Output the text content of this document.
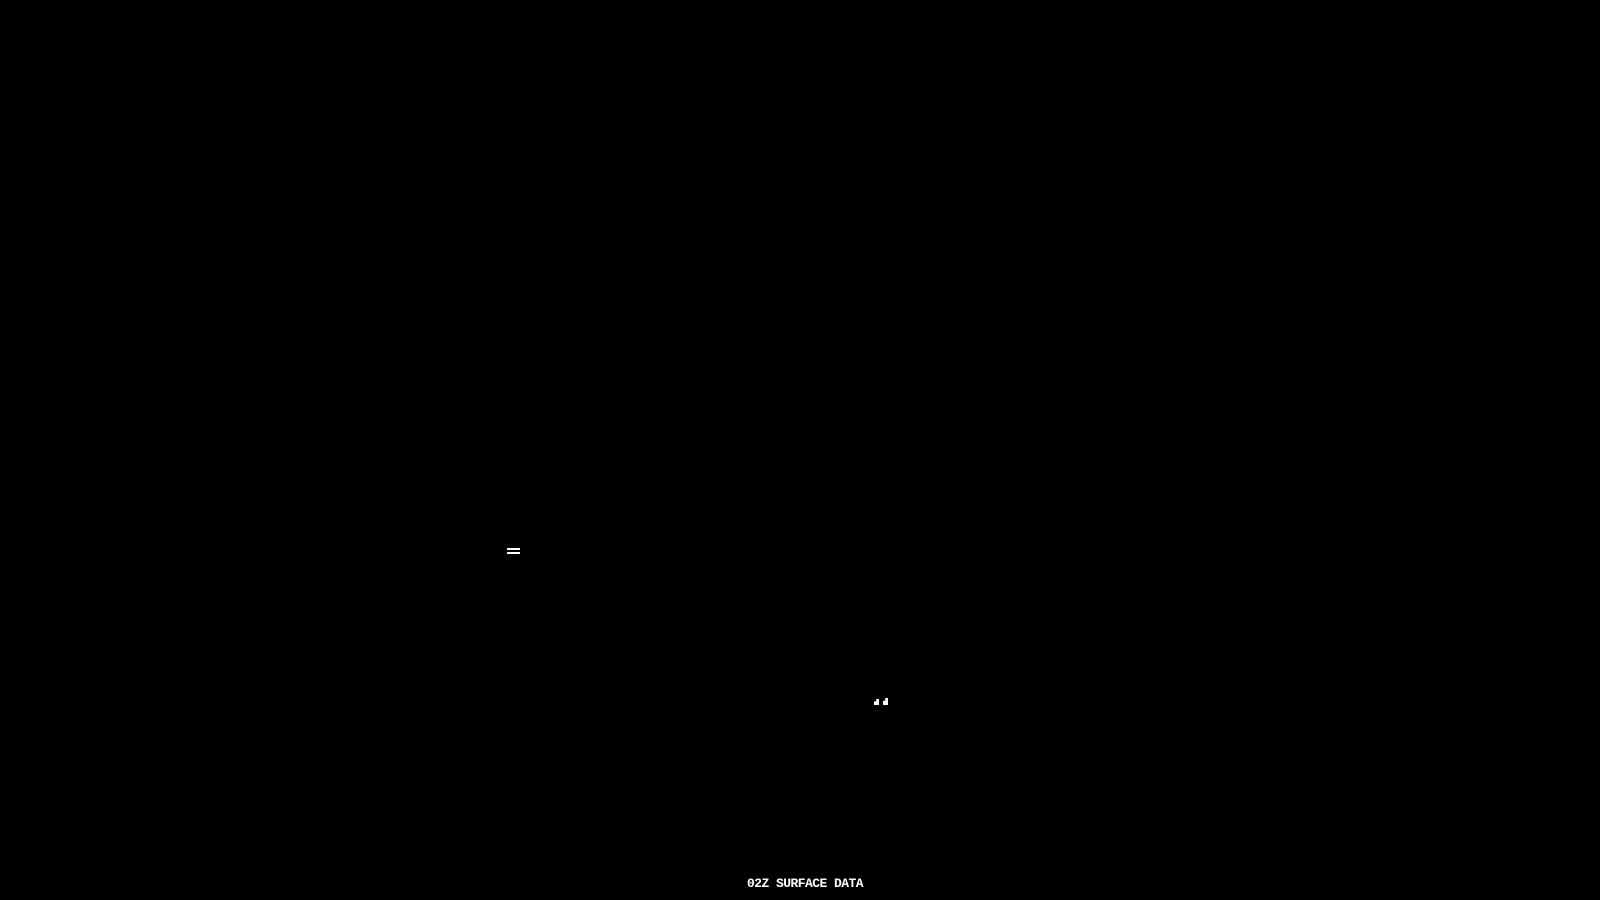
02Z SURFACE DATA
